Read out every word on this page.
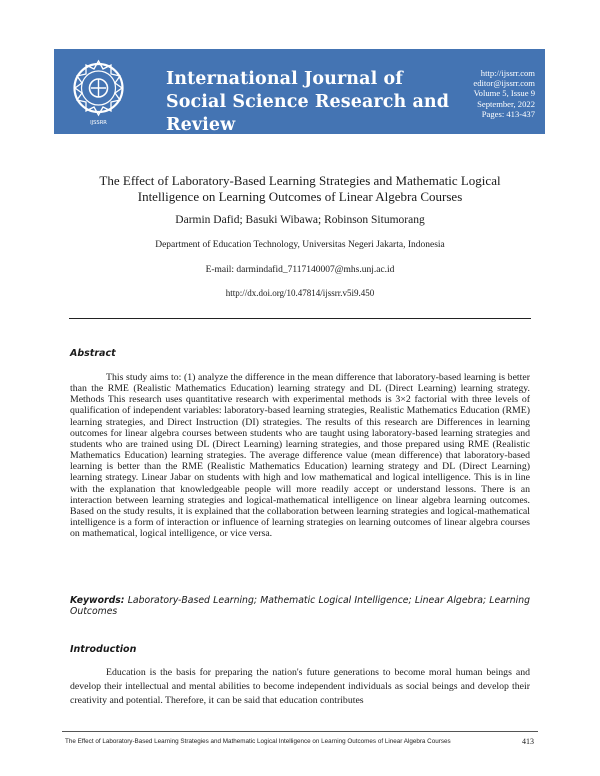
IJSSRR
International Journal of Social Science Research and Review
http://ijssrr.com
editor@ijssrr.com
Volume 5, Issue 9
September, 2022
Pages: 413-437
The Effect of Laboratory-Based Learning Strategies and Mathematic Logical Intelligence on Learning Outcomes of Linear Algebra Courses
Darmin Dafid; Basuki Wibawa; Robinson Situmorang
Department of Education Technology, Universitas Negeri Jakarta, Indonesia
E-mail: darmindafid_7117140007@mhs.unj.ac.id
http://dx.doi.org/10.47814/ijssrr.v5i9.450
Abstract
This study aims to: (1) analyze the difference in the mean difference that laboratory-based learning is better than the RME (Realistic Mathematics Education) learning strategy and DL (Direct Learning) learning strategy. Methods This research uses quantitative research with experimental methods is 3×2 factorial with three levels of qualification of independent variables: laboratory-based learning strategies, Realistic Mathematics Education (RME) learning strategies, and Direct Instruction (DI) strategies. The results of this research are Differences in learning outcomes for linear algebra courses between students who are taught using laboratory-based learning strategies and students who are trained using DL (Direct Learning) learning strategies, and those prepared using RME (Realistic Mathematics Education) learning strategies. The average difference value (mean difference) that laboratory-based learning is better than the RME (Realistic Mathematics Education) learning strategy and DL (Direct Learning) learning strategy. Linear Jabar on students with high and low mathematical and logical intelligence. This is in line with the explanation that knowledgeable people will more readily accept or understand lessons. There is an interaction between learning strategies and logical-mathematical intelligence on linear algebra learning outcomes. Based on the study results, it is explained that the collaboration between learning strategies and logical-mathematical intelligence is a form of interaction or influence of learning strategies on learning outcomes of linear algebra courses on mathematical, logical intelligence, or vice versa.
Keywords: Laboratory-Based Learning; Mathematic Logical Intelligence; Linear Algebra; Learning Outcomes
Introduction
Education is the basis for preparing the nation's future generations to become moral human beings and develop their intellectual and mental abilities to become independent individuals as social beings and develop their creativity and potential. Therefore, it can be said that education contributes
The Effect of Laboratory-Based Learning Strategies and Mathematic Logical Intelligence on Learning Outcomes of Linear Algebra Courses	413
